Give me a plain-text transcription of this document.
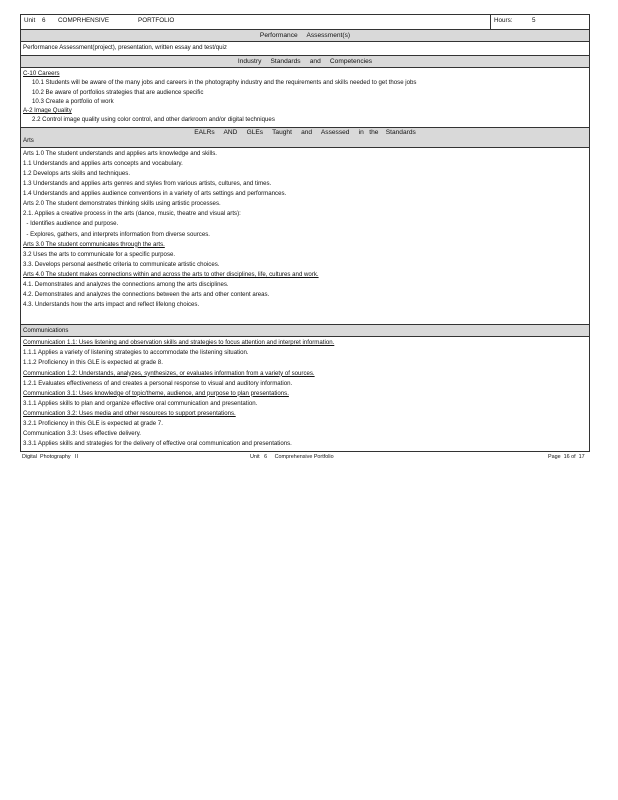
Unit	6	COMPRHENSIVE	PORTFOLIO	Hours:	5
Performance     Assessment(s)
Performance Assessment(project), presentation, written essay and test/quiz
Industry     Standards     and     Competencies
C-10 Careers
10.1 Students will be aware of the many jobs and careers in the photography industry and the requirements and skills needed to get those jobs
10.2 Be aware of portfolios strategies that are audience specific
10.3 Create a portfolio of work
A-2 Image Quality
2.2 Control image quality using color control, and other darkroom and/or digital techniques
EALRs     AND     GLEs     Taught     and     Assessed     in   the    Standards
Arts
Arts 1.0 The student understands and applies arts knowledge and skills.
1.1 Understands and applies arts concepts and vocabulary.
1.2 Develops arts skills and techniques.
1.3 Understands and applies arts genres and styles from various artists, cultures, and times.
1.4 Understands and applies audience conventions in a variety of arts settings and performances.
Arts 2.0 The student demonstrates thinking skills using artistic processes.
2.1. Applies a creative process in the arts (dance, music, theatre and visual arts):
- Identifies audience and purpose.
- Explores, gathers, and interprets information from diverse sources.
Arts 3.0 The student communicates through the arts.
3.2 Uses the arts to communicate for a specific purpose.
3.3. Develops personal aesthetic criteria to communicate artistic choices.
Arts 4.0 The student makes connections within and across the arts to other disciplines, life, cultures and work.
4.1. Demonstrates and analyzes the connections among the arts disciplines.
4.2. Demonstrates and analyzes the connections between the arts and other content areas.
4.3. Understands how the arts impact and reflect lifelong choices.
Communications
Communication 1.1: Uses listening and observation skills and strategies to focus attention and interpret information.
1.1.1 Applies a variety of listening strategies to accommodate the listening situation.
1.1.2 Proficiency in this GLE is expected at grade 8.
Communication 1.2: Understands, analyzes, synthesizes, or evaluates information from a variety of sources.
1.2.1 Evaluates effectiveness of and creates a personal response to visual and auditory information.
Communication 3.1: Uses knowledge of topic/theme, audience, and purpose to plan presentations.
3.1.1 Applies skills to plan and organize effective oral communication and presentation.
Communication 3.2: Uses media and other resources to support presentations.
3.2.1 Proficiency in this GLE is expected at grade 7.
Communication 3.3: Uses effective delivery.
3.3.1 Applies skills and strategies for the delivery of effective oral communication and presentations.
Digital  Photography   II	Unit   6     Comprehensive Portfolio	Page  16 of  17
